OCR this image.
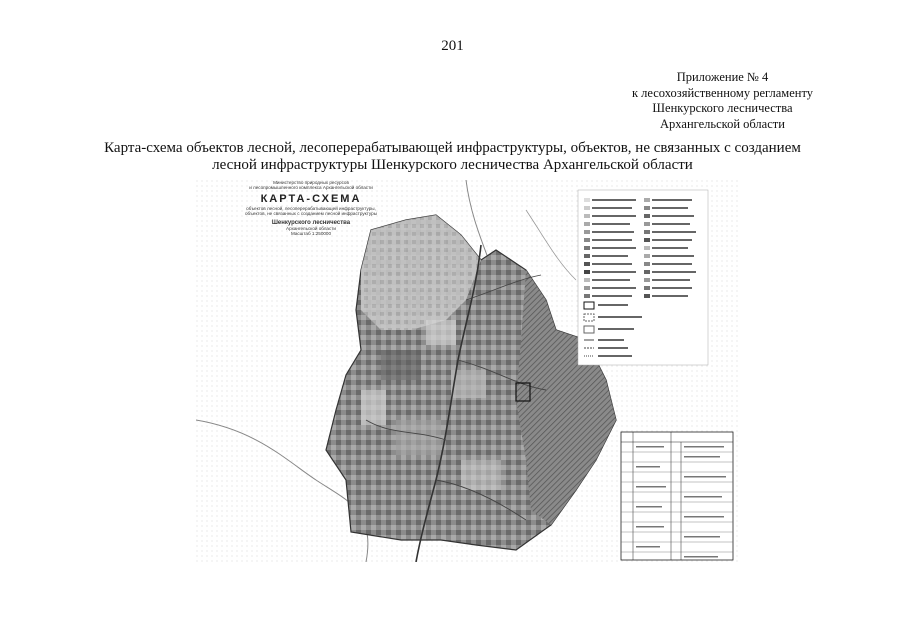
201
Приложение № 4
к лесохозяйственному регламенту
Шенкурского лесничества
Архангельской области
Карта-схема объектов лесной, лесоперерабатывающей инфраструктуры, объектов, не связанных с созданием
лесной инфраструктуры Шенкурского лесничества Архангельской области
Министерство природных ресурсов
и лесопромышленного комплекса Архангельской области
КАРТА-СХЕМА
объектов лесной, лесоперерабатывающей инфраструктуры,
объектов, не связанных с созданием лесной инфраструктуры
Шенкурского лесничества
Архангельской области
Масштаб 1:250000
